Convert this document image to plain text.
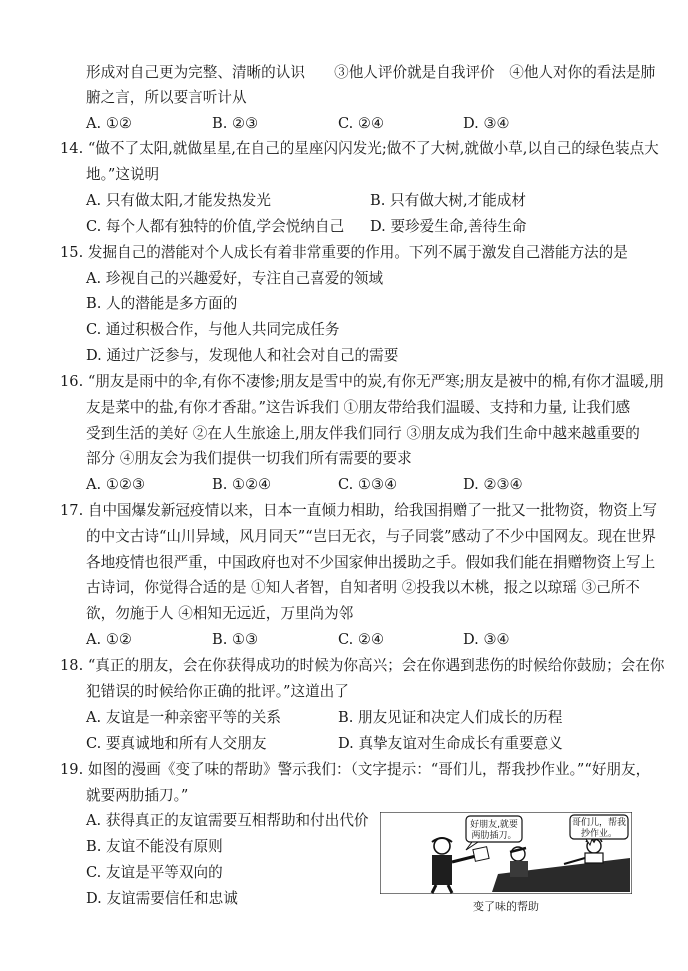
形成对自己更为完整、清晰的认识　　③他人评价就是自我评价　④他人对你的看法是肺
腑之言，所以要言听计从
A. ①②	B. ②③	C. ②④	D. ③④
14. “做不了太阳,就做星星,在自己的星座闪闪发光;做不了大树,就做小草,以自己的绿色装点大
地。”这说明
A. 只有做太阳,才能发热发光	B. 只有做大树,才能成材
C. 每个人都有独特的价值,学会悦纳自己 D. 要珍爱生命,善待生命
15. 发掘自己的潜能对个人成长有着非常重要的作用。下列不属于激发自己潜能方法的是
A. 珍视自己的兴趣爱好，专注自己喜爱的领域
B. 人的潜能是多方面的
C. 通过积极合作，与他人共同完成任务
D. 通过广泛参与，发现他人和社会对自己的需要
16. “朋友是雨中的伞,有你不凄惨;朋友是雪中的炭,有你无严寒;朋友是被中的棉,有你才温暖,朋
友是菜中的盐,有你才香甜。”这告诉我们 ①朋友带给我们温暖、支持和力量, 让我们感
受到生活的美好 ②在人生旅途上,朋友伴我们同行 ③朋友成为我们生命中越来越重要的
部分 ④朋友会为我们提供一切我们所有需要的要求
A. ①②③	B. ①②④	C. ①③④	D. ②③④
17. 自中国爆发新冠疫情以来，日本一直倾力相助，给我国捐赠了一批又一批物资，物资上写
的中文古诗“山川异域，风月同天”“岂曰无衣，与子同裳”感动了不少中国网友。现在世界
各地疫情也很严重，中国政府也对不少国家伸出援助之手。假如我们能在捐赠物资上写上
古诗词，你觉得合适的是 ①知人者智，自知者明 ②投我以木桃，报之以琼瑶 ③己所不
欲，勿施于人 ④相知无远近，万里尚为邻
A. ①②	B. ①③	C. ②④	D. ③④
18. “真正的朋友，会在你获得成功的时候为你高兴；会在你遇到悲伤的时候给你鼓励；会在你
犯错误的时候给你正确的批评。”这道出了
A. 友谊是一种亲密平等的关系	B. 朋友见证和决定人们成长的历程
C. 要真诚地和所有人交朋友	D. 真挚友谊对生命成长有重要意义
19. 如图的漫画《变了味的帮助》警示我们：（文字提示：“哥们儿，帮我抄作业。”“好朋友，
就要两肋插刀。”
A. 获得真正的友谊需要互相帮助和付出代价
B. 友谊不能没有原则
C. 友谊是平等双向的
D. 友谊需要信任和忠诚
好朋友,就要
两肋插刀。
哥们儿，帮我
抄作业。
变了味的帮助
